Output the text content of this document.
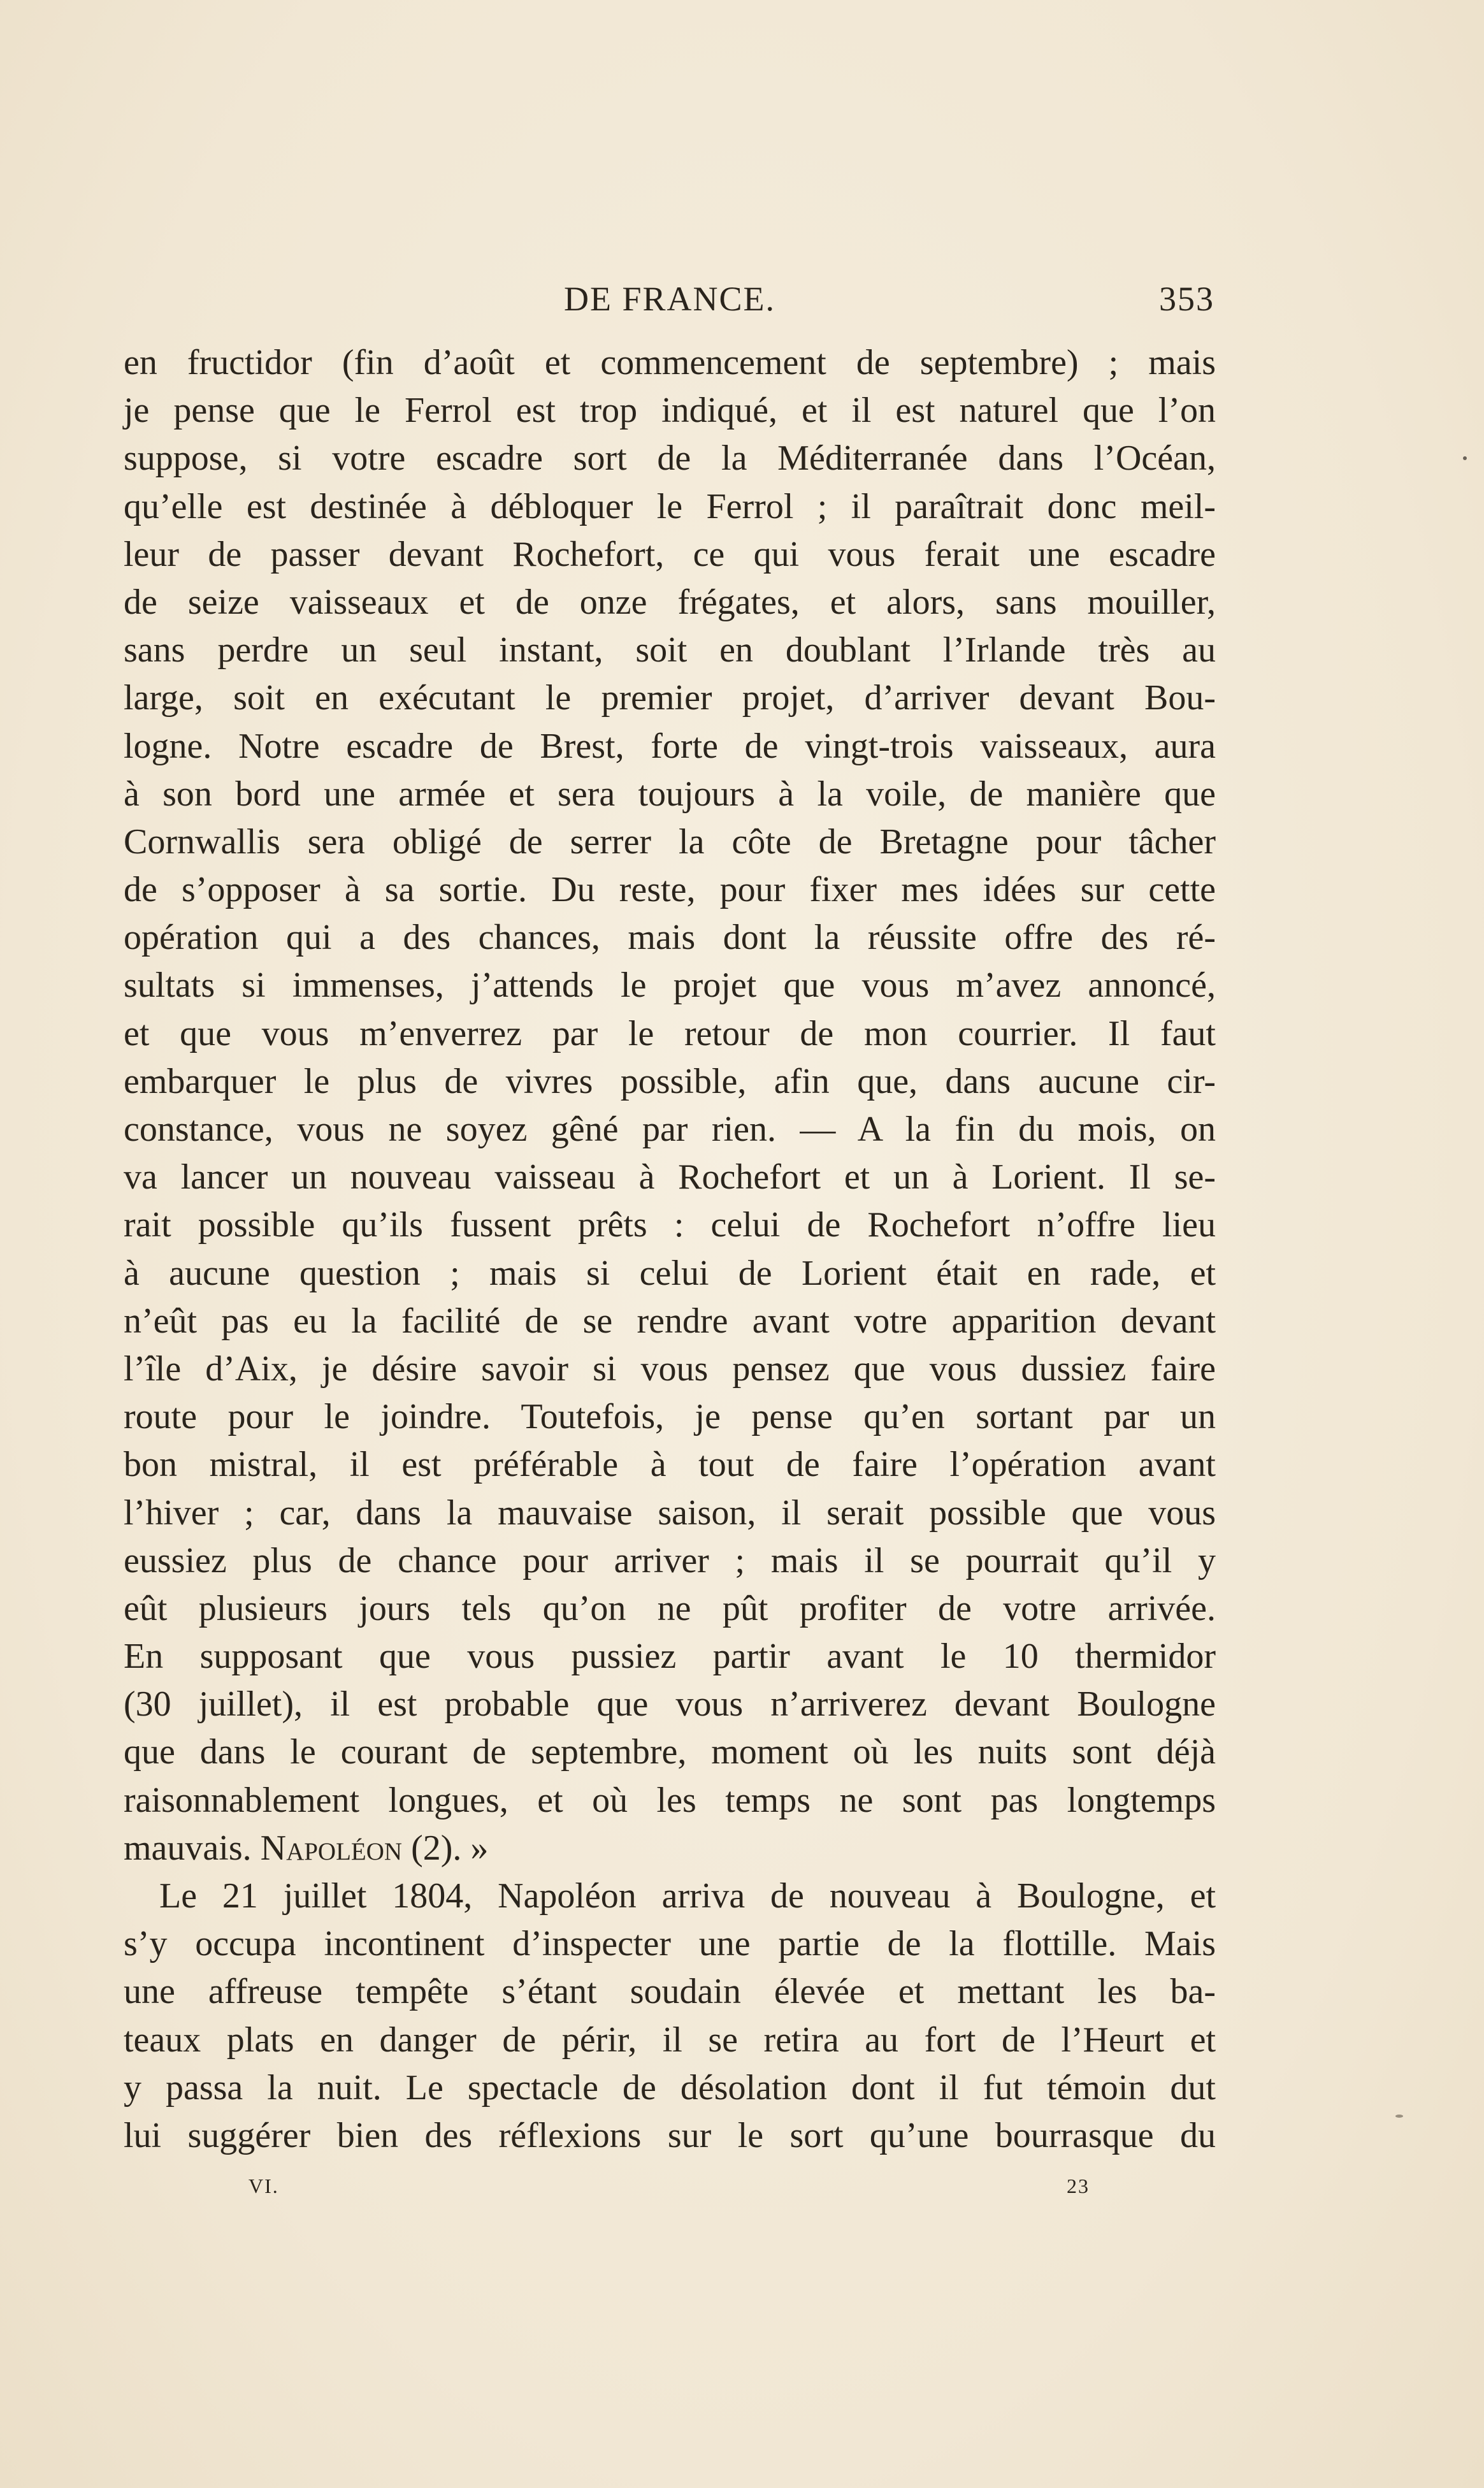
DE FRANCE.	353
en fructidor (fin d’août et commencement de septembre) ; mais
je pense que le Ferrol est trop indiqué, et il est naturel que l’on
suppose, si votre escadre sort de la Méditerranée dans l’Océan,
qu’elle est destinée à débloquer le Ferrol ; il paraîtrait donc meil-
leur de passer devant Rochefort, ce qui vous ferait une escadre
de seize vaisseaux et de onze frégates, et alors, sans mouiller,
sans perdre un seul instant, soit en doublant l’Irlande très au
large, soit en exécutant le premier projet, d’arriver devant Bou-
logne. Notre escadre de Brest, forte de vingt-trois vaisseaux, aura
à son bord une armée et sera toujours à la voile, de manière que
Cornwallis sera obligé de serrer la côte de Bretagne pour tâcher
de s’opposer à sa sortie. Du reste, pour fixer mes idées sur cette
opération qui a des chances, mais dont la réussite offre des ré-
sultats si immenses, j’attends le projet que vous m’avez annoncé,
et que vous m’enverrez par le retour de mon courrier. Il faut
embarquer le plus de vivres possible, afin que, dans aucune cir-
constance, vous ne soyez gêné par rien. — A la fin du mois, on
va lancer un nouveau vaisseau à Rochefort et un à Lorient. Il se-
rait possible qu’ils fussent prêts : celui de Rochefort n’offre lieu
à aucune question ; mais si celui de Lorient était en rade, et
n’eût pas eu la facilité de se rendre avant votre apparition devant
l’île d’Aix, je désire savoir si vous pensez que vous dussiez faire
route pour le joindre. Toutefois, je pense qu’en sortant par un
bon mistral, il est préférable à tout de faire l’opération avant
l’hiver ; car, dans la mauvaise saison, il serait possible que vous
eussiez plus de chance pour arriver ; mais il se pourrait qu’il y
eût plusieurs jours tels qu’on ne pût profiter de votre arrivée.
En supposant que vous pussiez partir avant le 10 thermidor
(30 juillet), il est probable que vous n’arriverez devant Boulogne
que dans le courant de septembre, moment où les nuits sont déjà
raisonnablement longues, et où les temps ne sont pas longtemps
mauvais. Napoléon (2). »
Le 21 juillet 1804, Napoléon arriva de nouveau à Boulogne, et
s’y occupa incontinent d’inspecter une partie de la flottille. Mais
une affreuse tempête s’étant soudain élevée et mettant les ba-
teaux plats en danger de périr, il se retira au fort de l’Heurt et
y passa la nuit. Le spectacle de désolation dont il fut témoin dut
lui suggérer bien des réflexions sur le sort qu’une bourrasque du
VI.	23
